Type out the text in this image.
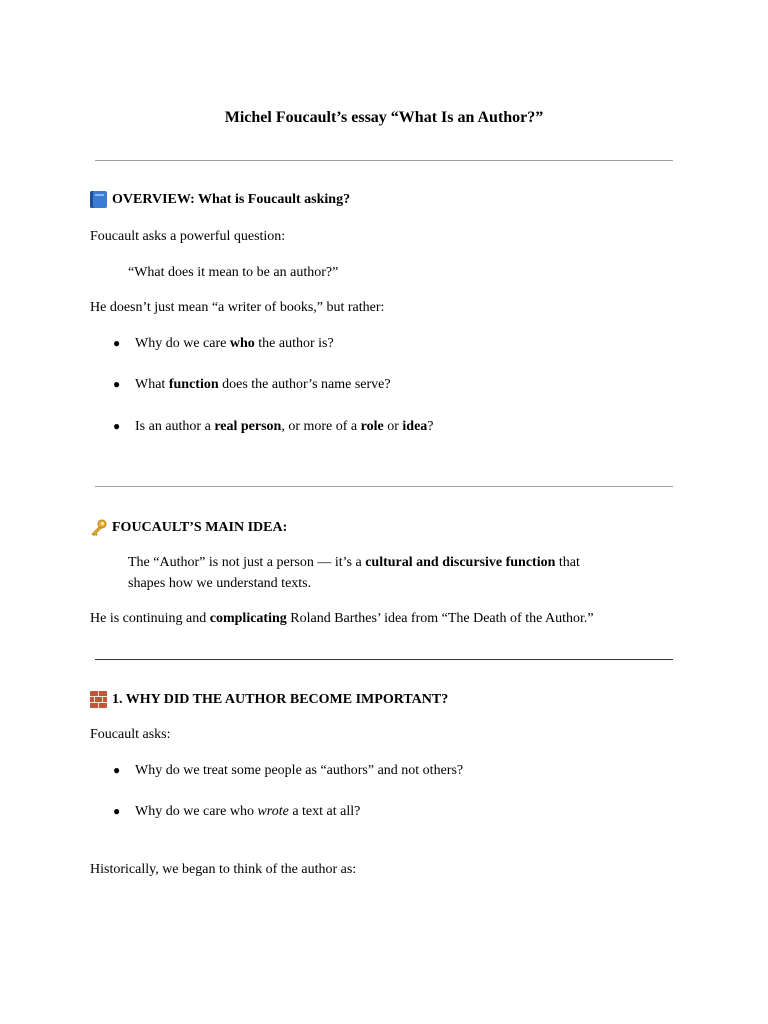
Michel Foucault’s essay “What Is an Author?”
OVERVIEW: What is Foucault asking?
Foucault asks a powerful question:
“What does it mean to be an author?”
He doesn’t just mean “a writer of books,” but rather:
● Why do we care who the author is?
● What function does the author’s name serve?
● Is an author a real person, or more of a role or idea?
FOUCAULT’S MAIN IDEA:
The “Author” is not just a person — it’s a cultural and discursive function that
shapes how we understand texts.
He is continuing and complicating Roland Barthes’ idea from “The Death of the Author.”
1. WHY DID THE AUTHOR BECOME IMPORTANT?
Foucault asks:
● Why do we treat some people as “authors” and not others?
● Why do we care who wrote a text at all?
Historically, we began to think of the author as:
